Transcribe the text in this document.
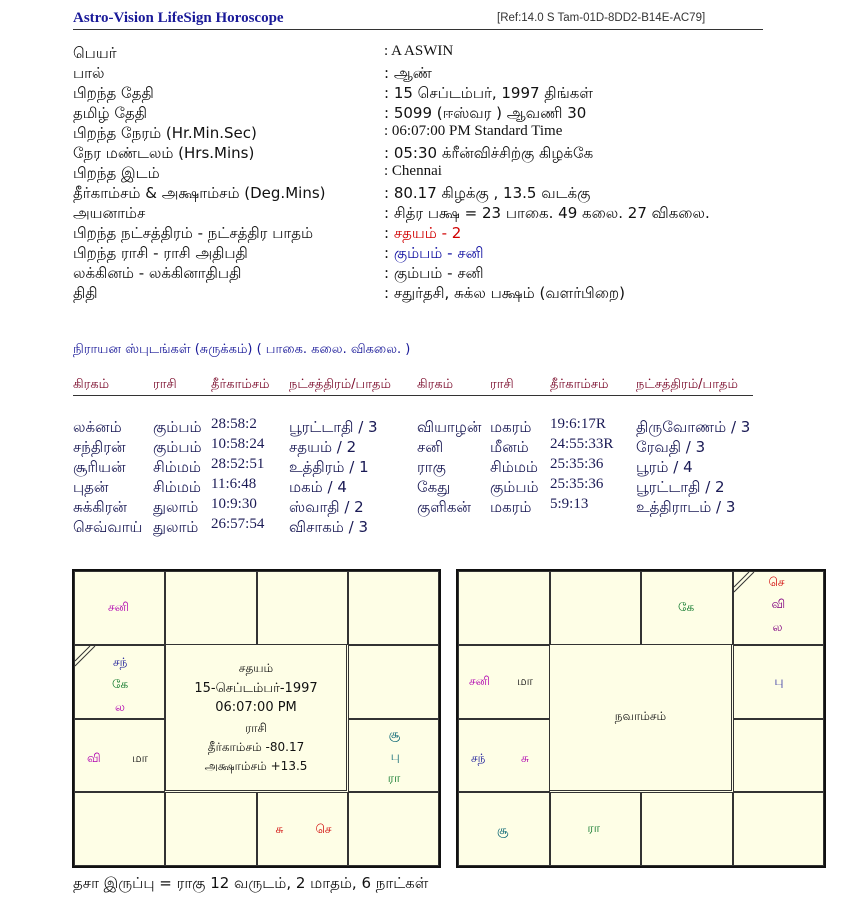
Astro-Vision LifeSign Horoscope	[Ref:14.0 S Tam-01D-8DD2-B14E-AC79]
பெயர்	: A ASWIN
பால்	: ஆண்
பிறந்த தேதி	: 15 செப்டம்பர், 1997 திங்கள்
தமிழ் தேதி	: 5099 (ஈஸ்வர ) ஆவணி 30
பிறந்த நேரம் (Hr.Min.Sec)	: 06:07:00 PM Standard Time
நேர மண்டலம் (Hrs.Mins)	: 05:30 க்ரீன்விச்சிற்கு கிழக்கே
பிறந்த இடம்	: Chennai
தீர்காம்சம் & அக்ஷாம்சம் (Deg.Mins)	: 80.17 கிழக்கு , 13.5 வடக்கு
அயனாம்ச	: சித்ர பக்ஷ = 23 பாகை. 49 கலை. 27 விகலை.
பிறந்த நட்சத்திரம் - நட்சத்திர பாதம்	: சதயம் - 2
பிறந்த ராசி - ராசி அதிபதி	: கும்பம் - சனி
லக்கினம் - லக்கினாதிபதி	: கும்பம் - சனி
திதி	: சதுர்தசி, சுக்ல பக்ஷம் (வளர்பிறை)
நிராயன ஸ்புடங்கள் (சுருக்கம்) ( பாகை. கலை. விகலை. )
கிரகம்	ராசி	தீர்காம்சம்	நட்சத்திரம்/பாதம்	கிரகம்	ராசி	தீர்காம்சம்	நட்சத்திரம்/பாதம்
லக்னம் கும்பம் 28:58:2 பூரட்டாதி / 3	வியாழன் மகரம் 19:6:17R திருவோணம் / 3
சந்திரன் கும்பம் 10:58:24 சதயம் / 2	சனி	மீனம் 24:55:33R ரேவதி / 3
சூரியன் சிம்மம் 28:52:51 உத்திரம் / 1	ராகு	சிம்மம் 25:35:36 பூரம் / 4
புதன்	சிம்மம் 11:6:48 மகம் / 4	கேது	கும்பம் 25:35:36 பூரட்டாதி / 2
சுக்கிரன் துலாம் 10:9:30 ஸ்வாதி / 2	குளிகன் மகரம் 5:9:13	உத்திராடம் / 3
செவ்வாய் துலாம் 26:57:54 விசாகம் / 3
சனி
சூ
பு
ரா
சு	செ
வி	மா
சந்
கே
ல
சதயம்
15-செப்டம்பர்-1997
06:07:00 PM
ராசி
தீர்காம்சம் -80.17
அக்ஷாம்சம் +13.5
கே
செ
வி
ல
பு
ரா
சூ
சந்	சு
சனி மா
நவாம்சம்
தசா இருப்பு = ராகு 12 வருடம், 2 மாதம், 6 நாட்கள்
